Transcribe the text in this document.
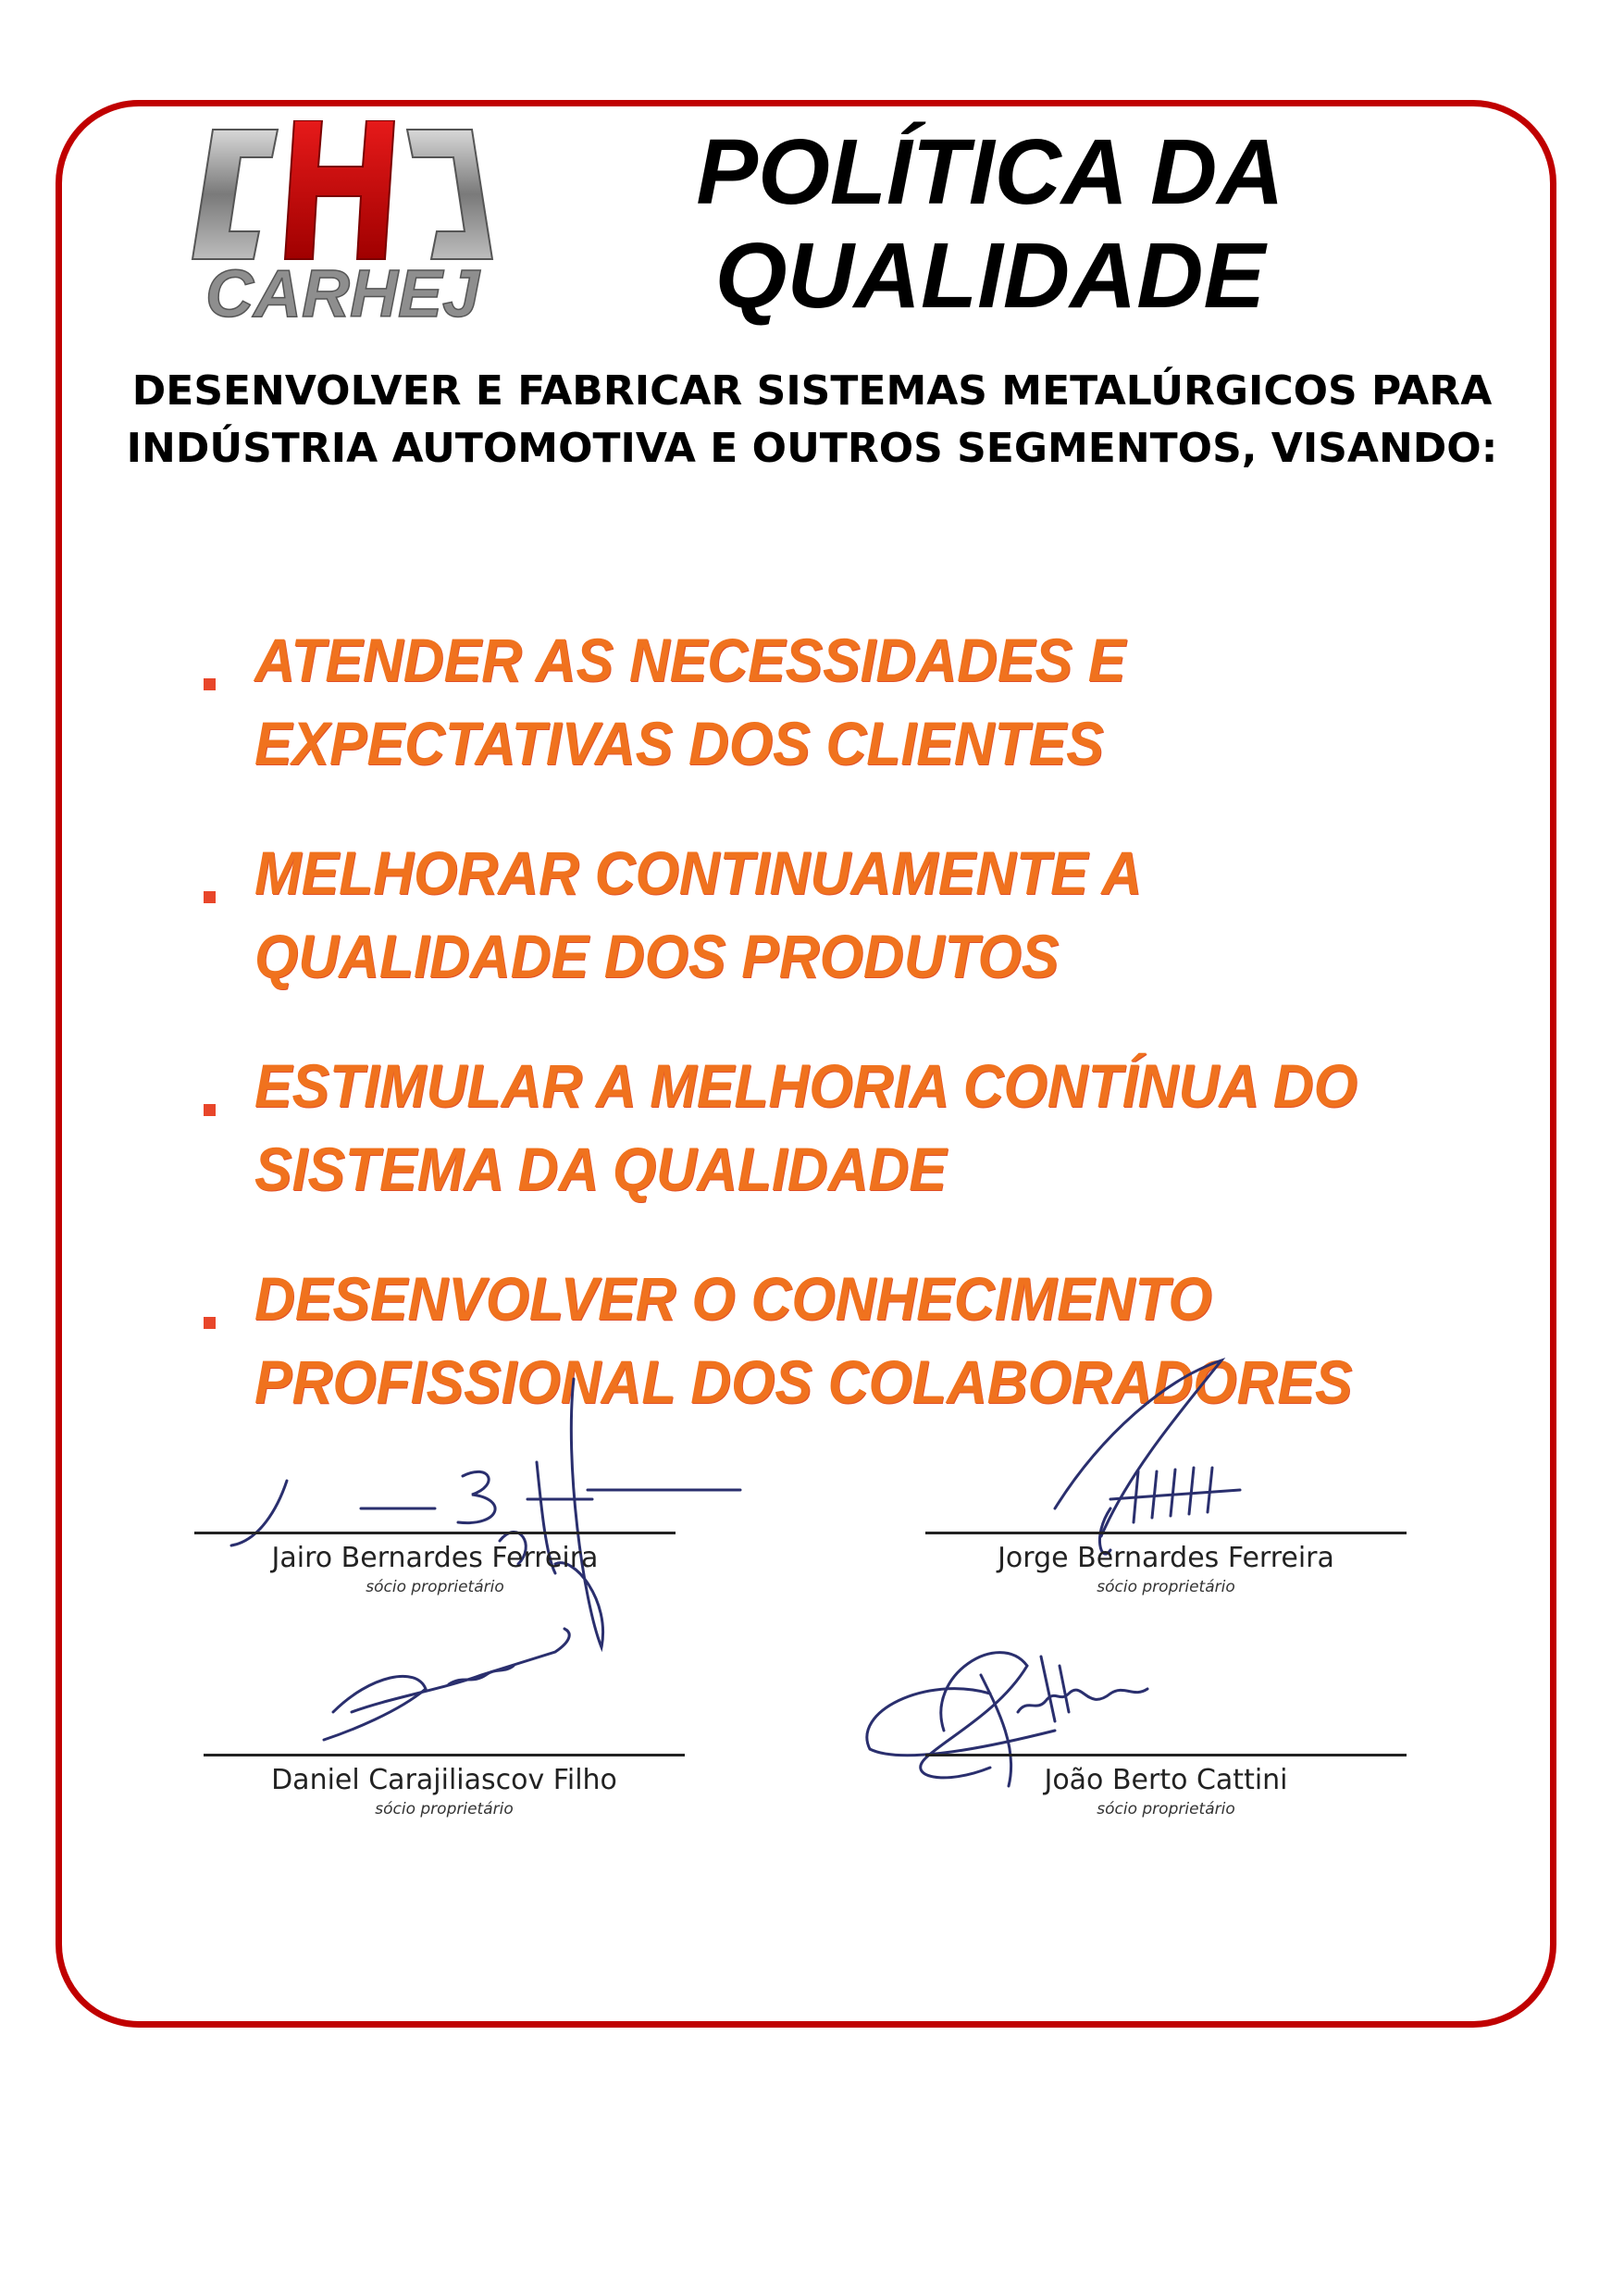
CARHEJ
POLÍTICA DA
QUALIDADE

DESENVOLVER E FABRICAR SISTEMAS METALÚRGICOS PARA
INDÚSTRIA AUTOMOTIVA E OUTROS SEGMENTOS, VISANDO:

ATENDER AS NECESSIDADES E
EXPECTATIVAS DOS CLIENTES
MELHORAR CONTINUAMENTE A
QUALIDADE DOS PRODUTOS
ESTIMULAR A MELHORIA CONTÍNUA DO
SISTEMA DA QUALIDADE
DESENVOLVER O CONHECIMENTO
PROFISSIONAL DOS COLABORADORES
Jairo Bernardes Ferreira
sócio proprietário
Jorge Bernardes Ferreira
sócio proprietário
Daniel Carajiliascov Filho
sócio proprietário
João Berto Cattini
sócio proprietário
